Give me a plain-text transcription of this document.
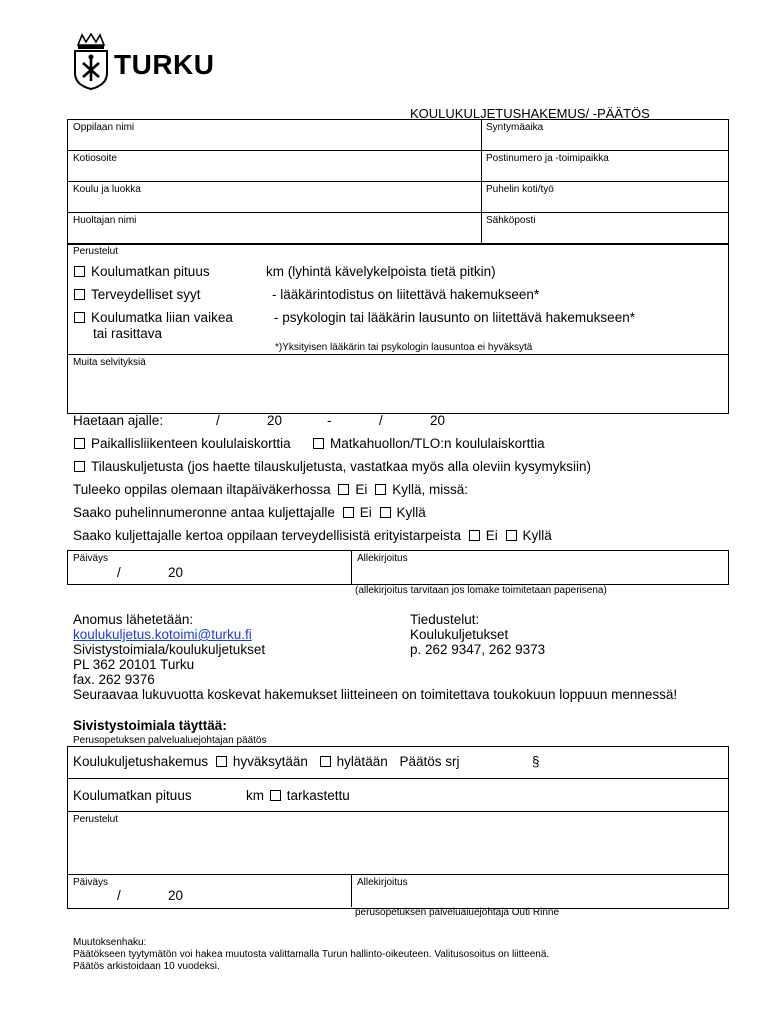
TURKU
KOULUKULJETUSHAKEMUS/ -PÄÄTÖS
Oppilaan nimi	Syntymäaika
Kotiosoite	Postinumero ja -toimipaikka
Koulu ja luokka	Puhelin koti/työ
Huoltajan nimi	Sähköposti
Perustelut
Koulumatkan pituus	km (lyhintä kävelykelpoista tietä pitkin)
Terveydelliset syyt	- lääkärintodistus on liitettävä hakemukseen*
Koulumatka liian vaikea
tai rasittava
- psykologin tai lääkärin lausunto on liitettävä hakemukseen*
*)Yksityisen lääkärin tai psykologin lausuntoa ei hyväksytä
Muita selvityksiä
Haetaan ajalle:	/	20	-	/	20
Paikallisliikenteen koululaiskorttia	Matkahuollon/TLO:n koululaiskorttia
Tilauskuljetusta (jos haette tilauskuljetusta, vastatkaa myös alla oleviin kysymyksiin)
Tuleeko oppilas olemaan iltapäiväkerhossa Ei Kyllä, missä:
Saako puhelinnumeronne antaa kuljettajalle Ei Kyllä
Saako kuljettajalle kertoa oppilaan terveydellisistä erityistarpeista Ei Kyllä
Päiväys
/	20
Allekirjoitus
(allekirjoitus tarvitaan jos lomake toimitetaan paperisena)
Anomus lähetetään:
koulukuljetus.kotoimi@turku.fi
Sivistystoimiala/koulukuljetukset
PL 362 20101 Turku
fax. 262 9376
Seuraavaa lukuvuotta koskevat hakemukset liitteineen on toimitettava toukokuun loppuun mennessä!
Tiedustelut:
Koulukuljetukset
p. 262 9347, 262 9373
Sivistystoimiala täyttää:
Perusopetuksen palvelualuejohtajan päätös
Koulukuljetushakemus hyväksytään hylätään Päätös srj	§
Koulumatkan pituus	km tarkastettu
Perustelut
Päiväys
/	20
Allekirjoitus
perusopetuksen palvelualuejohtaja Outi Rinne
Muutoksenhaku:
Päätökseen tyytymätön voi hakea muutosta valittamalla Turun hallinto-oikeuteen. Valitusosoitus on liitteenä.
Päätös arkistoidaan 10 vuodeksi.
